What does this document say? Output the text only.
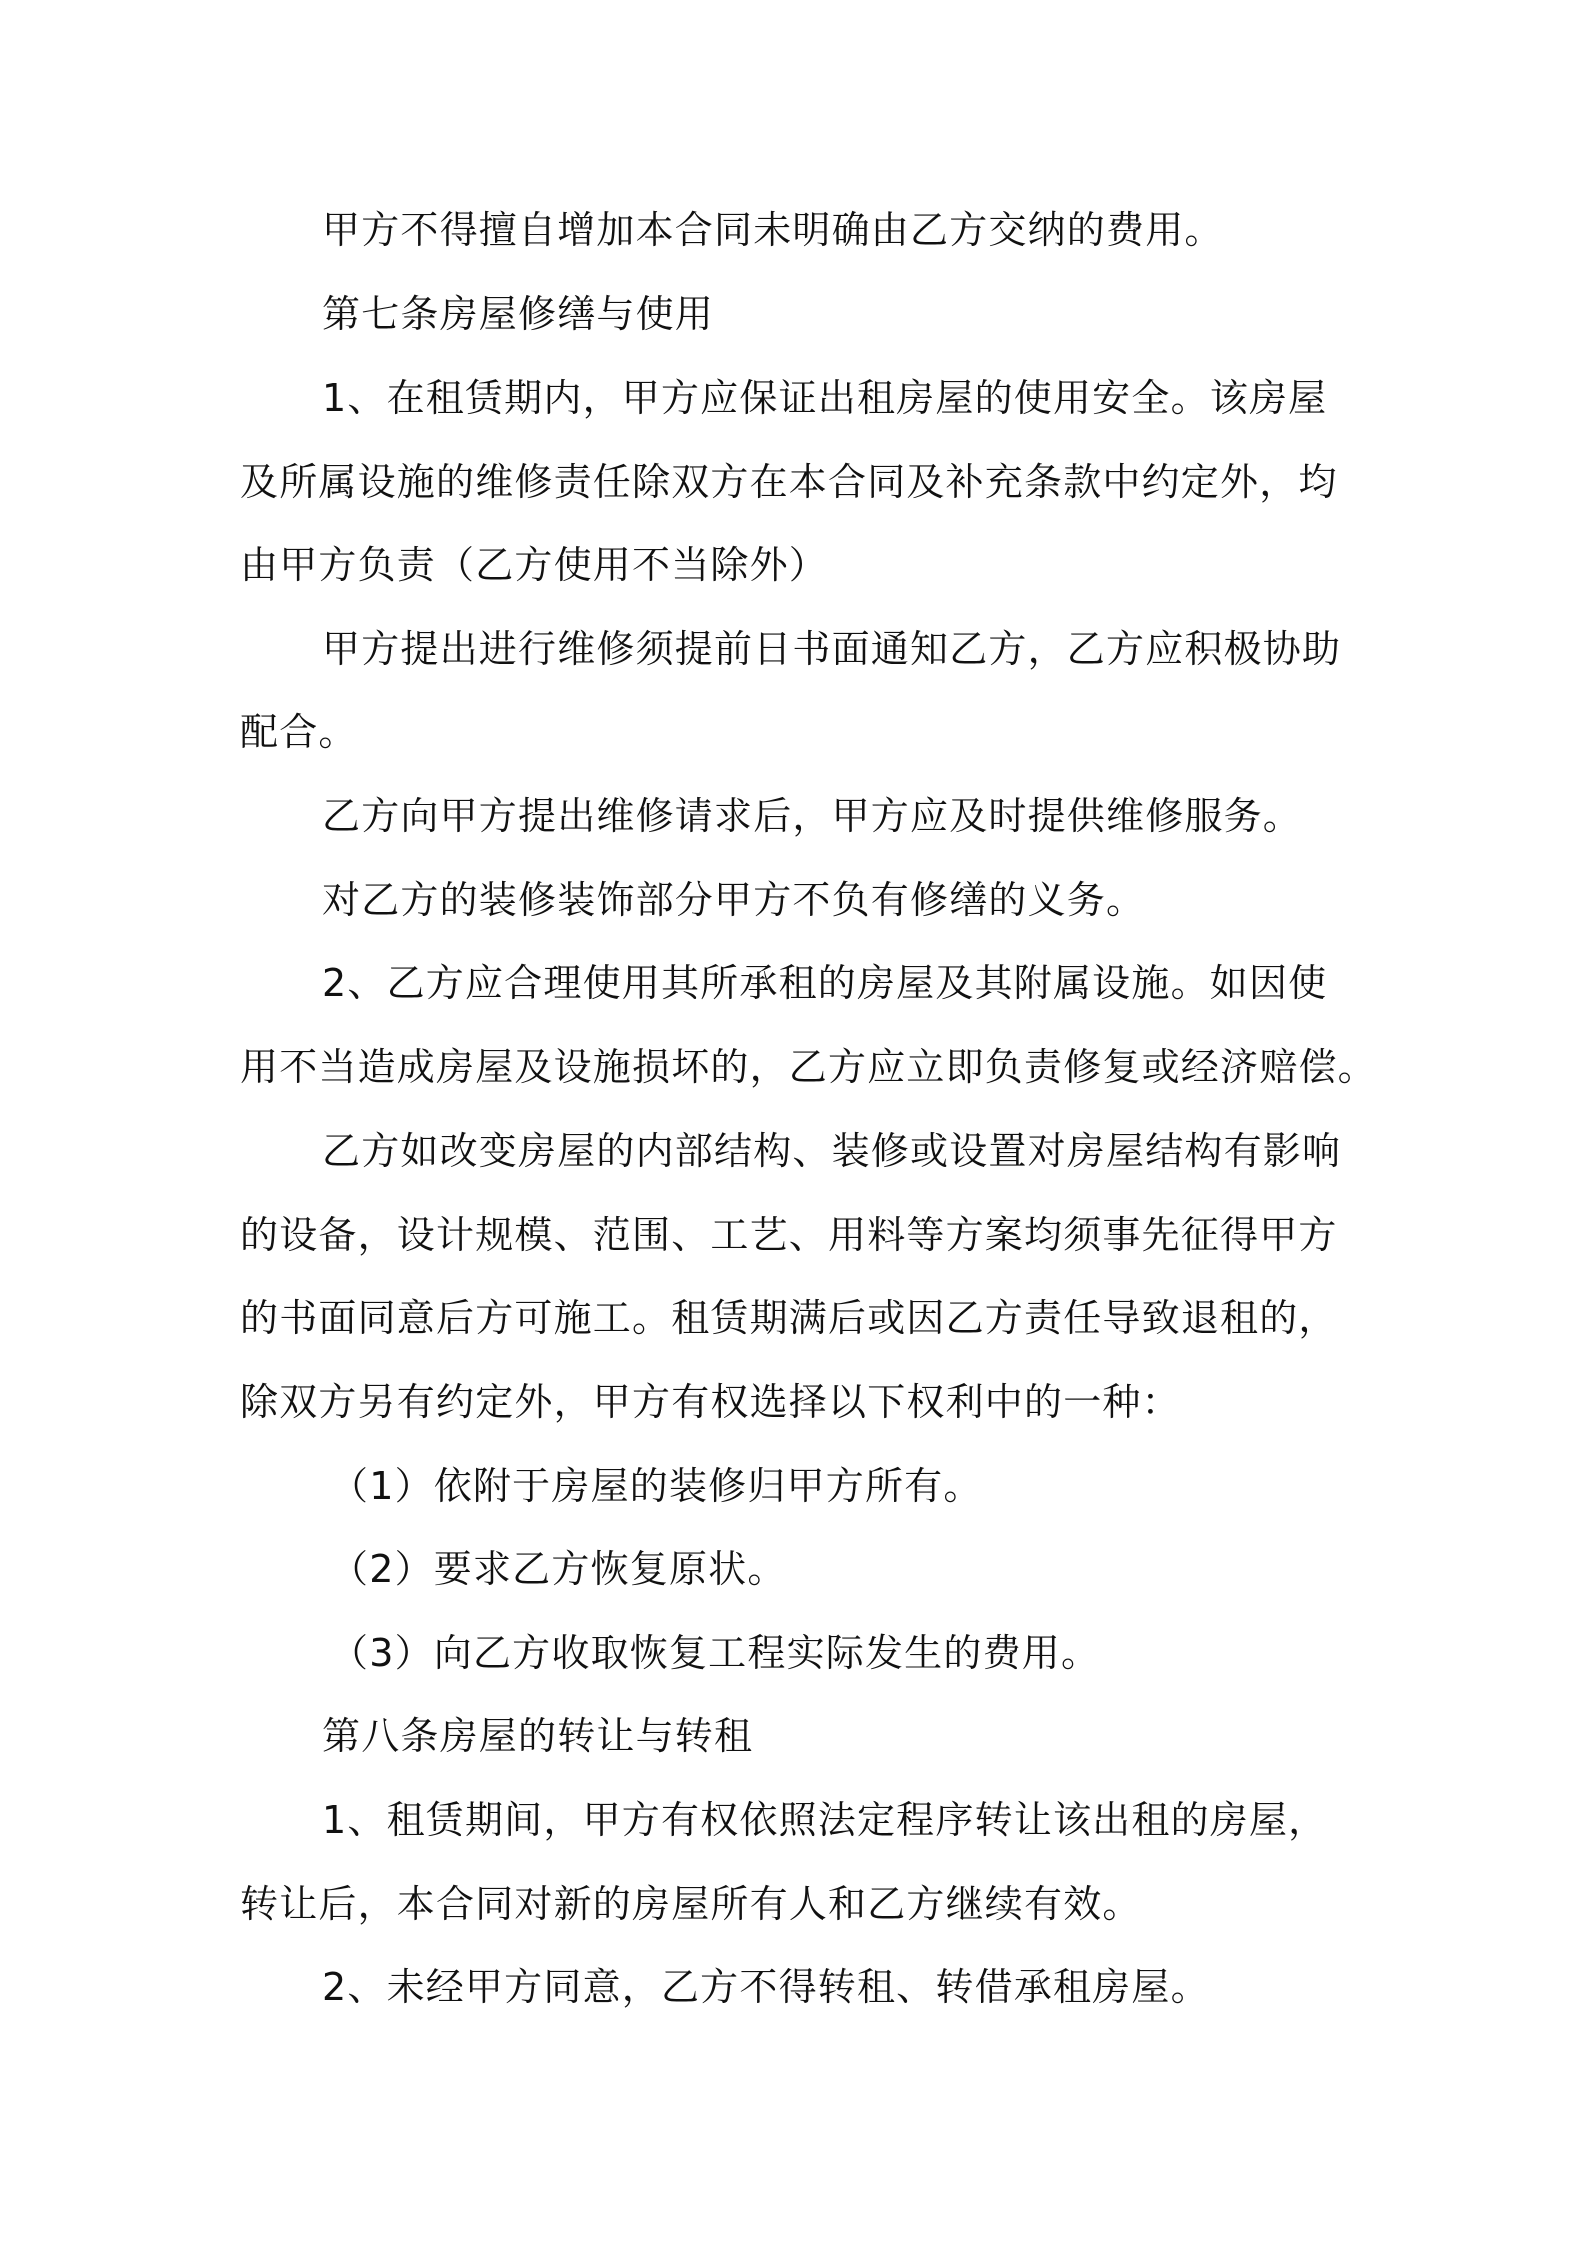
甲方不得擅自增加本合同未明确由乙方交纳的费用。
第七条房屋修缮与使用
1、在租赁期内，甲方应保证出租房屋的使用安全。该房屋
及所属设施的维修责任除双方在本合同及补充条款中约定外，均
由甲方负责（乙方使用不当除外）
甲方提出进行维修须提前日书面通知乙方，乙方应积极协助
配合。
乙方向甲方提出维修请求后，甲方应及时提供维修服务。
对乙方的装修装饰部分甲方不负有修缮的义务。
2、乙方应合理使用其所承租的房屋及其附属设施。如因使
用不当造成房屋及设施损坏的，乙方应立即负责修复或经济赔偿。
乙方如改变房屋的内部结构、装修或设置对房屋结构有影响
的设备，设计规模、范围、工艺、用料等方案均须事先征得甲方
的书面同意后方可施工。租赁期满后或因乙方责任导致退租的，
除双方另有约定外，甲方有权选择以下权利中的一种：
（1）依附于房屋的装修归甲方所有。
（2）要求乙方恢复原状。
（3）向乙方收取恢复工程实际发生的费用。
第八条房屋的转让与转租
1、租赁期间，甲方有权依照法定程序转让该出租的房屋，
转让后，本合同对新的房屋所有人和乙方继续有效。
2、未经甲方同意，乙方不得转租、转借承租房屋。
